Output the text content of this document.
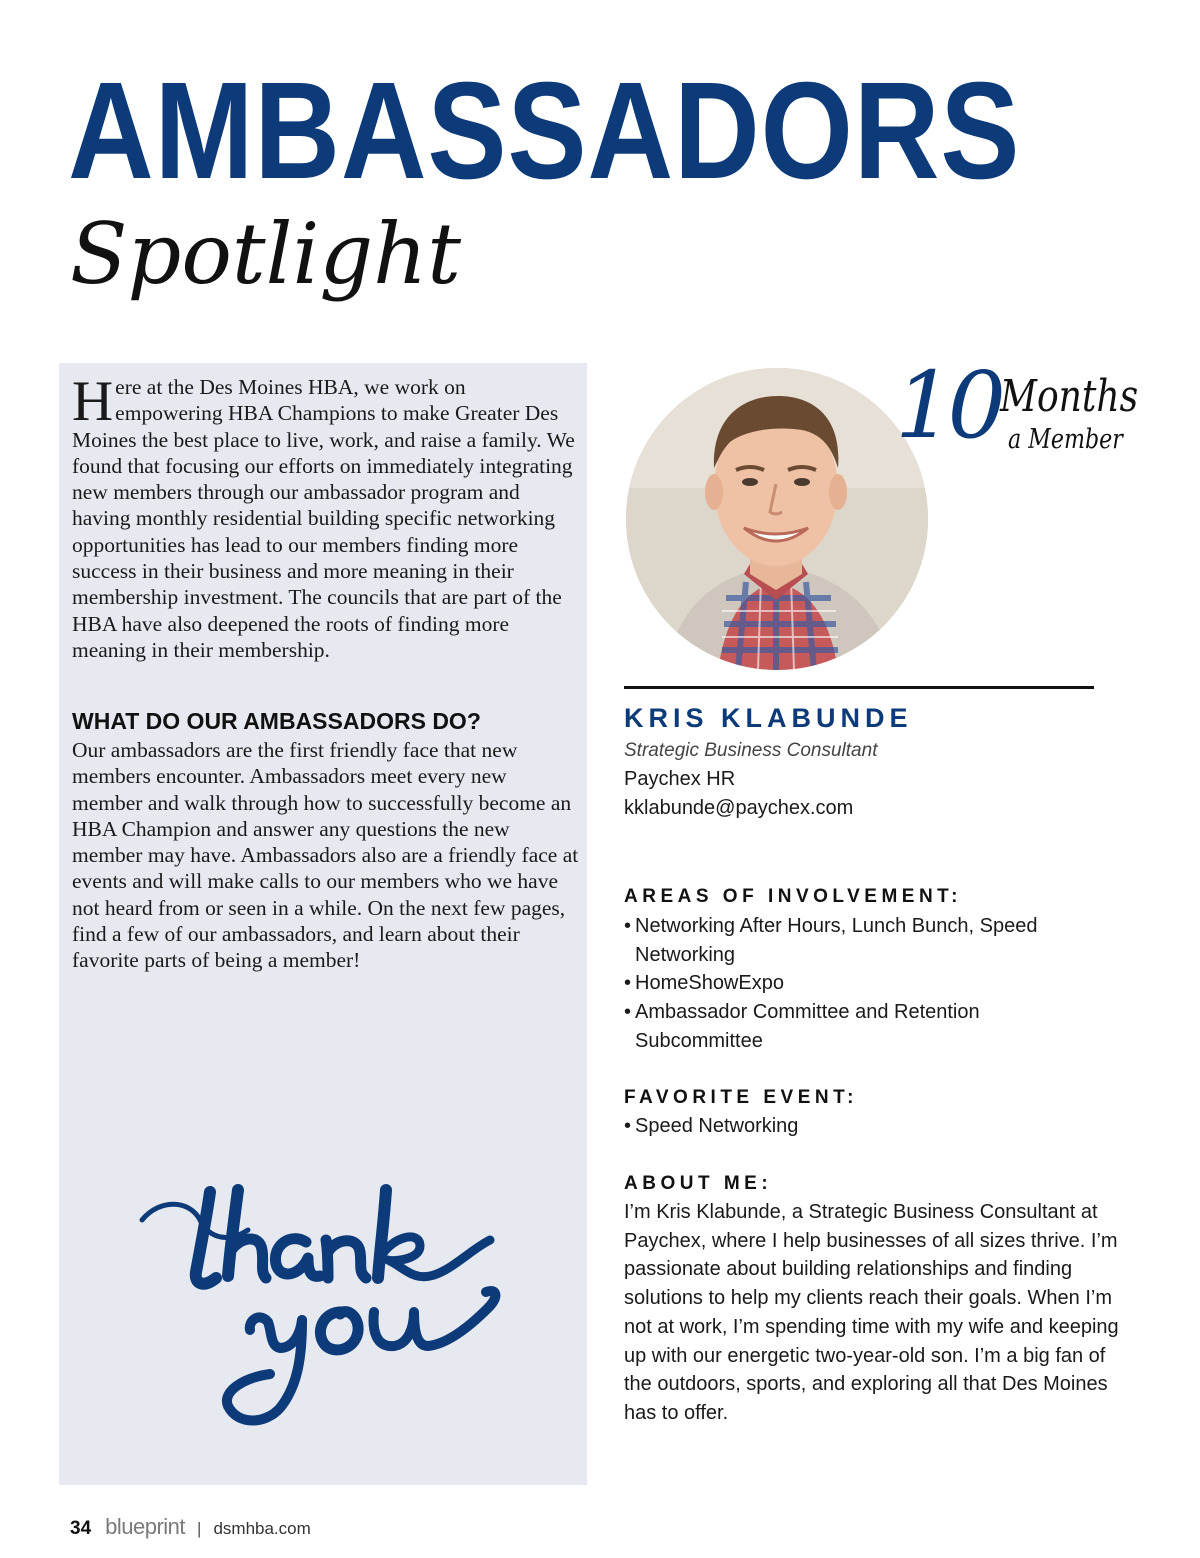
AMBASSADORS
Spotlight
Here at the Des Moines HBA, we work on empowering HBA Champions to make Greater Des Moines the best place to live, work, and raise a family. We found that focusing our efforts on immediately integrating new members through our ambassador program and having monthly residential building specific networking opportunities has lead to our members finding more success in their business and more meaning in their membership investment. The councils that are part of the HBA have also deepened the roots of finding more meaning in their membership.
WHAT DO OUR AMBASSADORS DO?
Our ambassadors are the first friendly face that new members encounter. Ambassadors meet every new member and walk through how to successfully become an HBA Champion and answer any questions the new member may have. Ambassadors also are a friendly face at events and will make calls to our members who we have not heard from or seen in a while. On the next few pages, find a few of our ambassadors, and learn about their favorite parts of being a member!
10 Months
a Member
KRIS KLABUNDE
Strategic Business Consultant
Paychex HR
kklabunde@paychex.com
AREAS OF INVOLVEMENT:
• Networking After Hours, Lunch Bunch, Speed Networking
• HomeShowExpo
• Ambassador Committee and Retention Subcommittee
FAVORITE EVENT:
• Speed Networking
ABOUT ME:
I’m Kris Klabunde, a Strategic Business Consultant at Paychex, where I help businesses of all sizes thrive. I’m passionate about building relationships and finding solutions to help my clients reach their goals. When I’m not at work, I’m spending time with my wife and keeping up with our energetic two-year-old son. I’m a big fan of the outdoors, sports, and exploring all that Des Moines has to offer.
34 blueprint | dsmhba.com
